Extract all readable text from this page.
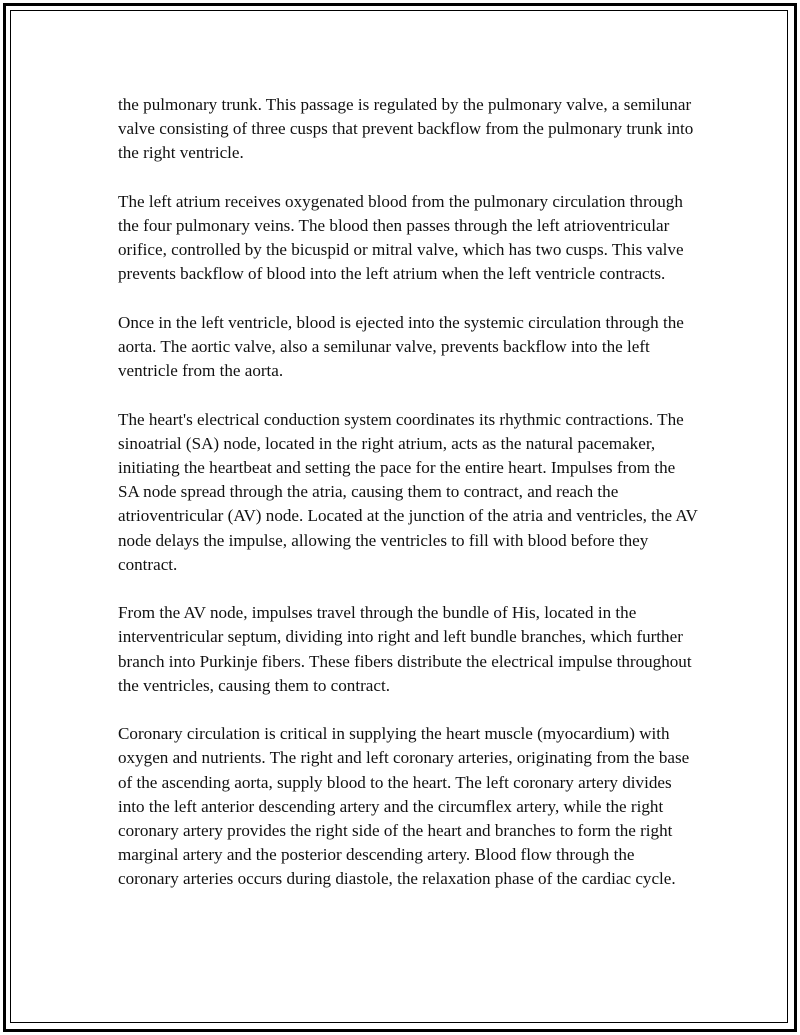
the pulmonary trunk. This passage is regulated by the pulmonary valve, a semilunar valve consisting of three cusps that prevent backflow from the pulmonary trunk into the right ventricle.

The left atrium receives oxygenated blood from the pulmonary circulation through the four pulmonary veins. The blood then passes through the left atrioventricular orifice, controlled by the bicuspid or mitral valve, which has two cusps. This valve prevents backflow of blood into the left atrium when the left ventricle contracts.

Once in the left ventricle, blood is ejected into the systemic circulation through the aorta. The aortic valve, also a semilunar valve, prevents backflow into the left ventricle from the aorta.

The heart's electrical conduction system coordinates its rhythmic contractions. The sinoatrial (SA) node, located in the right atrium, acts as the natural pacemaker, initiating the heartbeat and setting the pace for the entire heart. Impulses from the SA node spread through the atria, causing them to contract, and reach the atrioventricular (AV) node. Located at the junction of the atria and ventricles, the AV node delays the impulse, allowing the ventricles to fill with blood before they contract.

From the AV node, impulses travel through the bundle of His, located in the interventricular septum, dividing into right and left bundle branches, which further branch into Purkinje fibers. These fibers distribute the electrical impulse throughout the ventricles, causing them to contract.

Coronary circulation is critical in supplying the heart muscle (myocardium) with oxygen and nutrients. The right and left coronary arteries, originating from the base of the ascending aorta, supply blood to the heart. The left coronary artery divides into the left anterior descending artery and the circumflex artery, while the right coronary artery provides the right side of the heart and branches to form the right marginal artery and the posterior descending artery. Blood flow through the coronary arteries occurs during diastole, the relaxation phase of the cardiac cycle.
